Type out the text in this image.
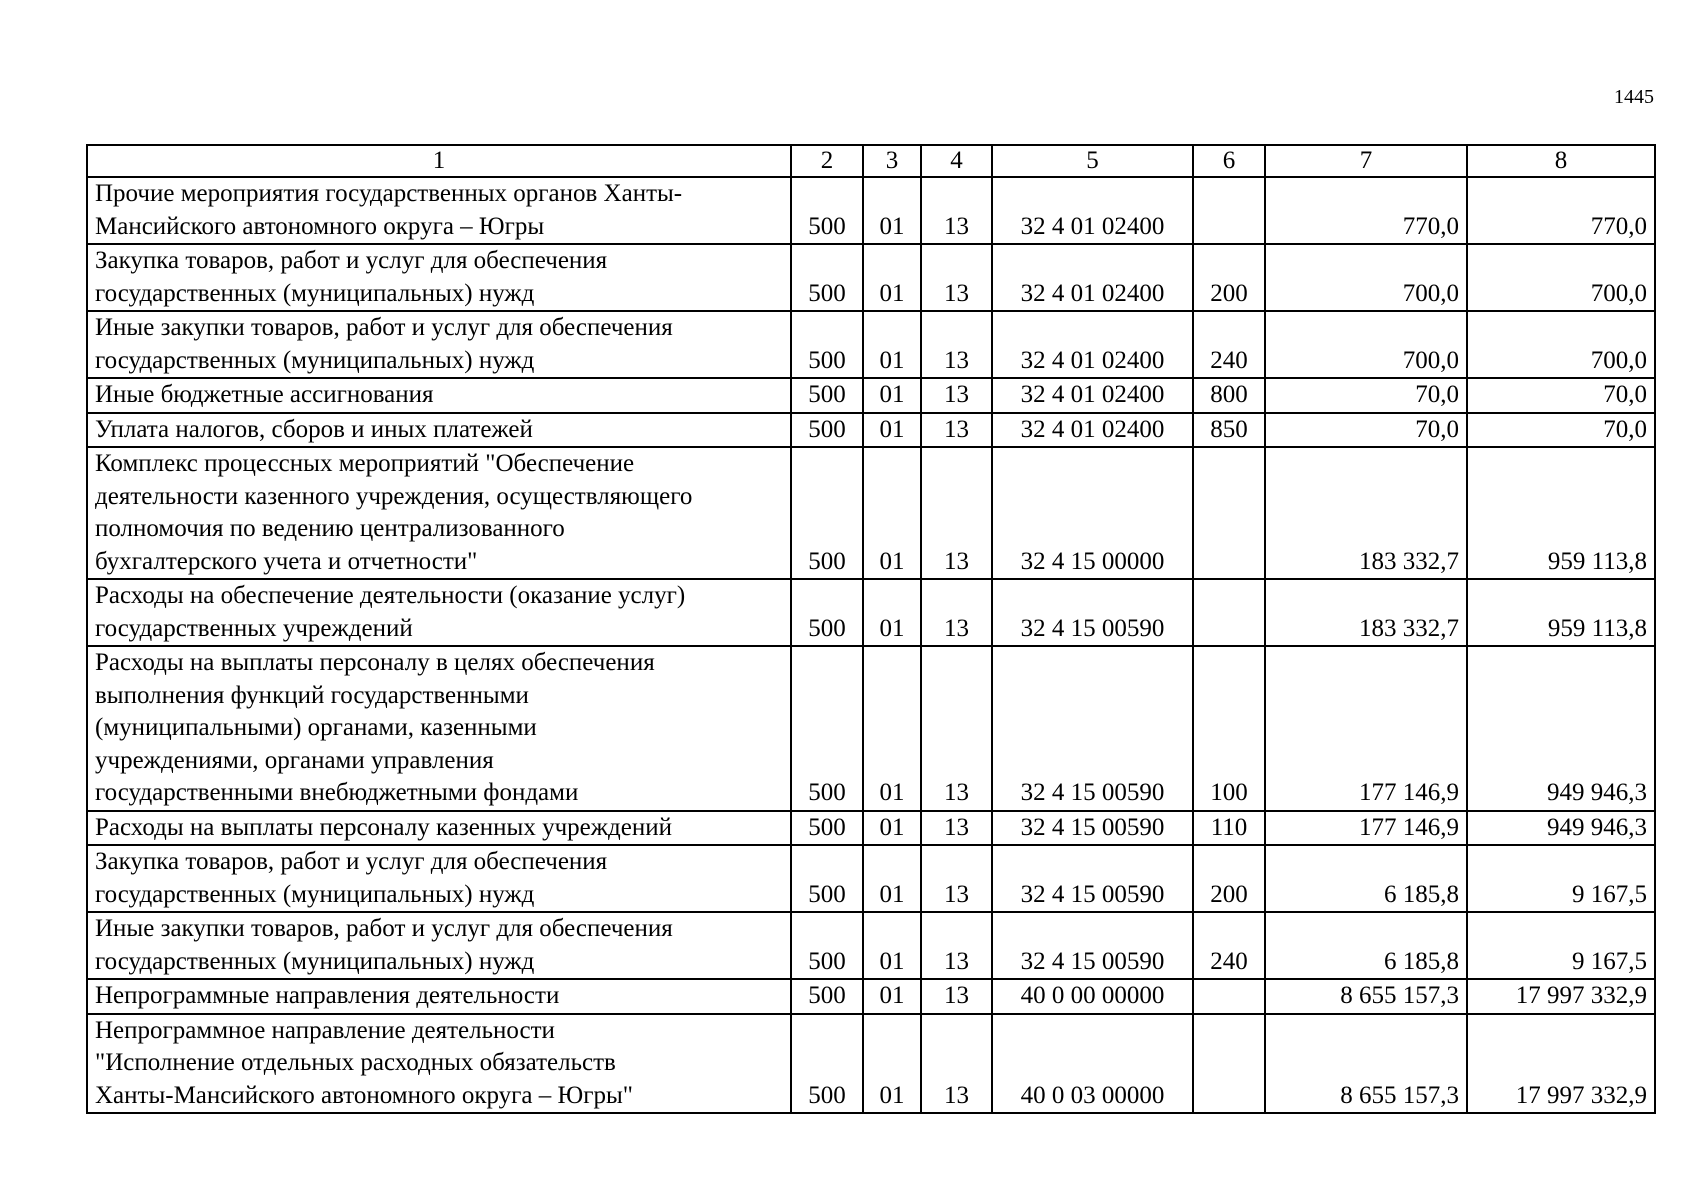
1445
1	2	3	4	5	6	7	8
Прочие мероприятия государственных органов Ханты-
Мансийского автономного округа – Югры	500	01	13	32 4 01 02400		770,0	770,0
Закупка товаров, работ и услуг для обеспечения
государственных (муниципальных) нужд	500	01	13	32 4 01 02400	200	700,0	700,0
Иные закупки товаров, работ и услуг для обеспечения
государственных (муниципальных) нужд	500	01	13	32 4 01 02400	240	700,0	700,0
Иные бюджетные ассигнования	500	01	13	32 4 01 02400	800	70,0	70,0
Уплата налогов, сборов и иных платежей	500	01	13	32 4 01 02400	850	70,0	70,0
Комплекс процессных мероприятий "Обеспечение
деятельности казенного учреждения, осуществляющего
полномочия по ведению централизованного
бухгалтерского учета и отчетности"	500	01	13	32 4 15 00000		183 332,7	959 113,8
Расходы на обеспечение деятельности (оказание услуг)
государственных учреждений	500	01	13	32 4 15 00590		183 332,7	959 113,8
Расходы на выплаты персоналу в целях обеспечения
выполнения функций государственными
(муниципальными) органами, казенными
учреждениями, органами управления
государственными внебюджетными фондами	500	01	13	32 4 15 00590	100	177 146,9	949 946,3
Расходы на выплаты персоналу казенных учреждений	500	01	13	32 4 15 00590	110	177 146,9	949 946,3
Закупка товаров, работ и услуг для обеспечения
государственных (муниципальных) нужд	500	01	13	32 4 15 00590	200	6 185,8	9 167,5
Иные закупки товаров, работ и услуг для обеспечения
государственных (муниципальных) нужд	500	01	13	32 4 15 00590	240	6 185,8	9 167,5
Непрограммные направления деятельности	500	01	13	40 0 00 00000		8 655 157,3	17 997 332,9
Непрограммное направление деятельности
"Исполнение отдельных расходных обязательств
Ханты-Мансийского автономного округа – Югры"	500	01	13	40 0 03 00000		8 655 157,3	17 997 332,9
